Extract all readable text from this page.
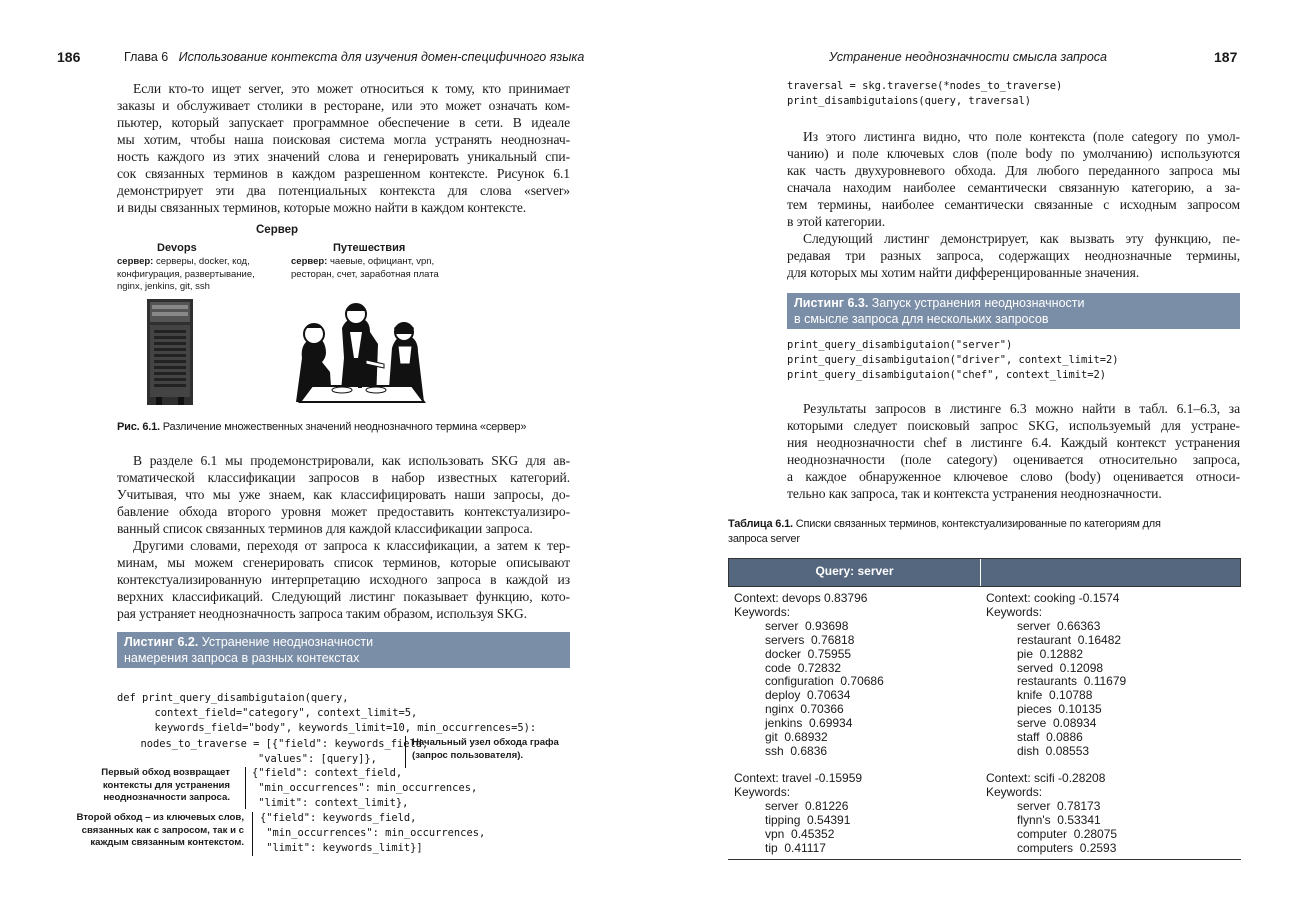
186	Глава 6 Использование контекста для изучения домен-специфичного языка
Если кто-то ищет server, это может относиться к тому, кто принимает
заказы и обслуживает столики в ресторане, или это может означать ком-
пьютер, который запускает программное обеспечение в сети. В идеале
мы хотим, чтобы наша поисковая система могла устранять неоднознач-
ность каждого из этих значений слова и генерировать уникальный спи-
сок связанных терминов в каждом разрешенном контексте. Рисунок 6.1
демонстрирует эти два потенциальных контекста для слова «server»
и виды связанных терминов, которые можно найти в каждом контексте.
Сервер
Devops
сервер: серверы, docker, код,
конфигурация, развертывание,
nginx, jenkins, git, ssh
Путешествия
сервер: чаевые, официант, vpn,
ресторан, счет, заработная плата
Рис. 6.1. Различение множественных значений неоднозначного термина «сервер»
В разделе 6.1 мы продемонстрировали, как использовать SKG для ав-
томатической классификации запросов в набор известных категорий.
Учитывая, что мы уже знаем, как классифицировать наши запросы, до-
бавление обхода второго уровня может предоставить контекстуализиро-
ванный список связанных терминов для каждой классификации запроса.
Другими словами, переходя от запроса к классификации, а затем к тер-
минам, мы можем сгенерировать список терминов, которые описывают
контекстуализированную интерпретацию исходного запроса в каждой из
верхних классификаций. Следующий листинг показывает функцию, кото-
рая устраняет неоднозначность запроса таким образом, используя SKG.
Листинг 6.2. Устранение неоднозначности
намерения запроса в разных контекстах

def print_query_disambigutaion(query,
context_field="category", context_limit=5,
keywords_field="body", keywords_limit=10, min_occurrences=5):

nodes_to_traverse = [{"field": keywords_field,
"values": [query]},
{"field": context_field,
"min_occurrences": min_occurrences,
"limit": context_limit},
{"field": keywords_field,
"min_occurrences": min_occurrences,
"limit": keywords_limit}]
Начальный узел обхода графа
(запрос пользователя).
Первый обход возвращает
контексты для устранения
неоднозначности запроса.
Второй обход – из ключевых слов,
связанных как с запросом, так и с
каждым связанным контекстом.
Устранение неоднозначности смысла запроса	187
traversal = skg.traverse(*nodes_to_traverse)
print_disambigutaions(query, traversal)
Из этого листинга видно, что поле контекста (поле category по умол-
чанию) и поле ключевых слов (поле body по умолчанию) используются
как часть двухуровневого обхода. Для любого переданного запроса мы
сначала находим наиболее семантически связанную категорию, а за-
тем термины, наиболее семантически связанные с исходным запросом
в этой категории.
Следующий листинг демонстрирует, как вызвать эту функцию, пе-
редавая три разных запроса, содержащих неоднозначные термины,
для которых мы хотим найти дифференцированные значения.
Листинг 6.3. Запуск устранения неоднозначности
в смысле запроса для нескольких запросов
print_query_disambigutaion("server")
print_query_disambigutaion("driver", context_limit=2)
print_query_disambigutaion("chef", context_limit=2)
Результаты запросов в листинге 6.3 можно найти в табл. 6.1–6.3, за
которыми следует поисковый запрос SKG, используемый для устране-
ния неоднозначности chef в листинге 6.4. Каждый контекст устранения
неоднозначности (поле category) оценивается относительно запроса,
а каждое обнаруженное ключевое слово (body) оценивается относи-
тельно как запроса, так и контекста устранения неоднозначности.
Таблица 6.1. Списки связанных терминов, контекстуализированные по категориям для
запроса server
Query: server
Context: devops 0.83796
Keywords:
server  0.93698
servers  0.76818
docker  0.75955
code  0.72832
configuration  0.70686
deploy  0.70634
nginx  0.70366
jenkins  0.69934
git  0.68932
ssh  0.6836
Context: cooking -0.1574
Keywords:
server  0.66363
restaurant  0.16482
pie  0.12882
served  0.12098
restaurants  0.11679
knife  0.10788
pieces  0.10135
serve  0.08934
staff  0.0886
dish  0.08553
Context: travel -0.15959
Keywords:
server  0.81226
tipping  0.54391
vpn  0.45352
tip  0.41117
Context: scifi -0.28208
Keywords:
server  0.78173
flynn's  0.53341
computer  0.28075
computers  0.2593
